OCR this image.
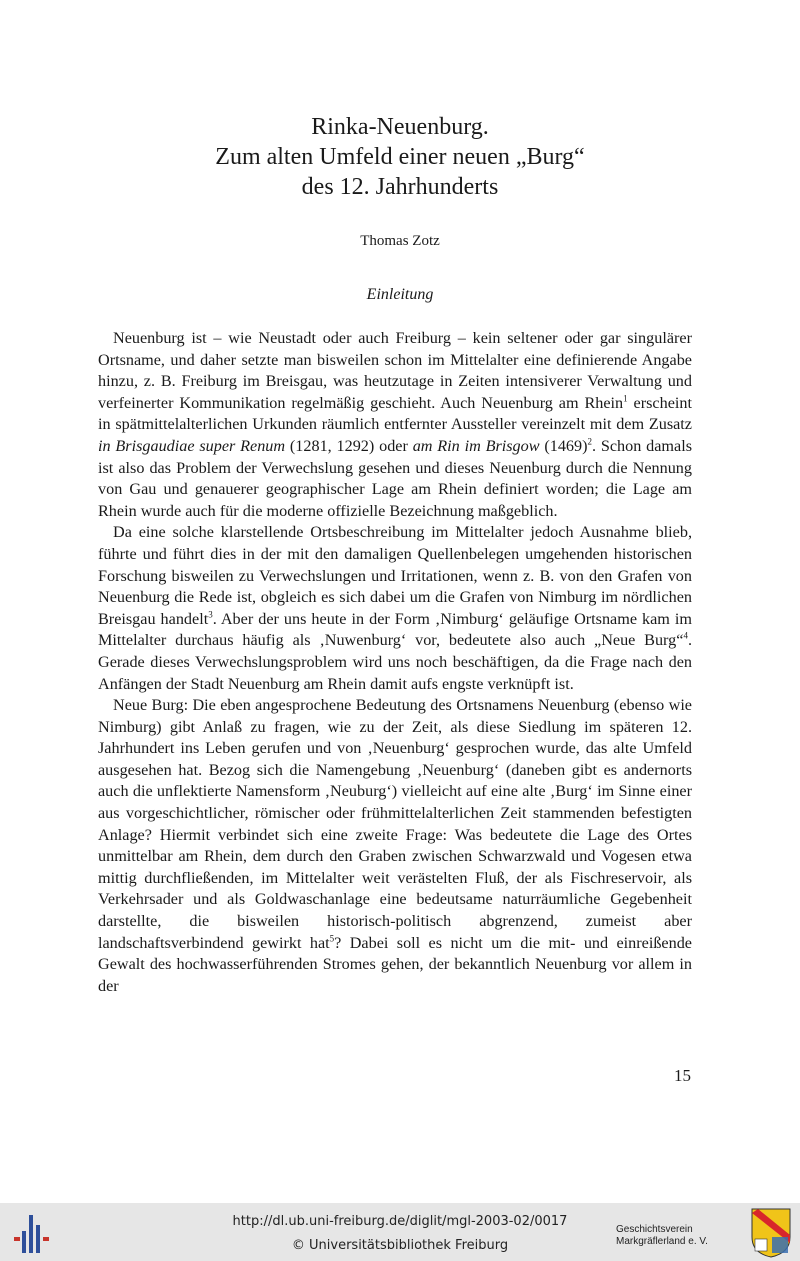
Rinka-Neuenburg.
Zum alten Umfeld einer neuen „Burg“
des 12. Jahrhunderts
Thomas Zotz
Einleitung

Neuenburg ist – wie Neustadt oder auch Freiburg – kein seltener oder gar singulärer Ortsname, und daher setzte man bisweilen schon im Mittelalter eine definierende Angabe hinzu, z. B. Freiburg im Breisgau, was heutzutage in Zeiten intensiverer Verwaltung und verfeinerter Kommunikation regelmäßig geschieht. Auch Neuenburg am Rhein$^1$ erscheint in spätmittelalterlichen Urkunden räumlich entfernter Aussteller vereinzelt mit dem Zusatz in Brisgaudiae super Renum (1281, 1292) oder am Rin im Brisgow $(1469)^2$. Schon damals ist also das Problem der Verwechslung gesehen und dieses Neuenburg durch die Nennung von Gau und genauerer geographischer Lage am Rhein definiert worden; die Lage am Rhein wurde auch für die moderne offizielle Bezeichnung maßgeblich.

Da eine solche klarstellende Ortsbeschreibung im Mittelalter jedoch Ausnahme blieb, führte und führt dies in der mit den damaligen Quellenbelegen umgehenden historischen Forschung bisweilen zu Verwechslungen und Irritationen, wenn z. B. von den Grafen von Neuenburg die Rede ist, obgleich es sich dabei um die Grafen von Nimburg im nördlichen Breisgau handelt$^3$. Aber der uns heute in der Form ‚Nimburg‘ geläufige Ortsname kam im Mittelalter durchaus häufig als ‚Nuwenburg‘ vor, bedeutete also auch „Neue Burg“$^4$. Gerade dieses Verwechslungsproblem wird uns noch beschäftigen, da die Frage nach den Anfängen der Stadt Neuenburg am Rhein damit aufs engste verknüpft ist.

Neue Burg: Die eben angesprochene Bedeutung des Ortsnamens Neuenburg (ebenso wie Nimburg) gibt Anlaß zu fragen, wie zu der Zeit, als diese Siedlung im späteren 12. Jahrhundert ins Leben gerufen und von ‚Neuenburg‘ gesprochen wurde, das alte Umfeld ausgesehen hat. Bezog sich die Namengebung ‚Neuenburg‘ (daneben gibt es andernorts auch die unflektierte Namensform ‚Neuburg‘) vielleicht auf eine alte ‚Burg‘ im Sinne einer aus vorgeschichtlicher, römischer oder frühmittelalterlichen Zeit stammenden befestigten Anlage? Hiermit verbindet sich eine zweite Frage: Was bedeutete die Lage des Ortes unmittelbar am Rhein, dem durch den Graben zwischen Schwarzwald und Vogesen etwa mittig durchfließenden, im Mittelalter weit verästelten Fluß, der als Fischreservoir, als Verkehrsader und als Goldwaschanlage eine bedeutsame naturräumliche Gegebenheit darstellte, die bisweilen historisch-politisch abgrenzend, zumeist aber landschaftsverbindend gewirkt hat$^5$? Dabei soll es nicht um die mit- und einreißende Gewalt des hochwasserführenden Stromes gehen, der bekanntlich Neuenburg vor allem in der

15
http://dl.ub.uni-freiburg.de/diglit/mgl-2003-02/0017
© Universitätsbibliothek Freiburg
Geschichtsverein
Markgräflerland e. V.
